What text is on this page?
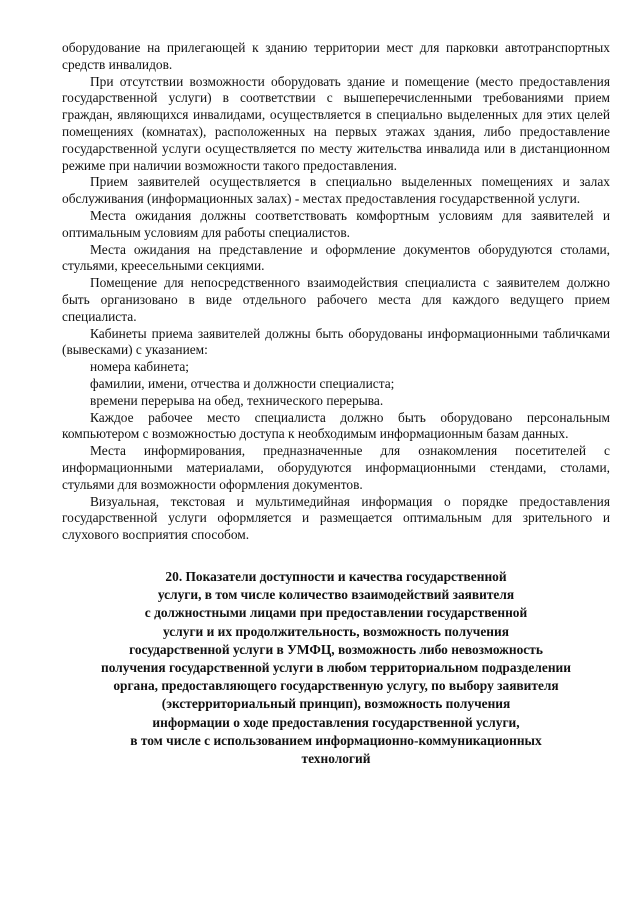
оборудование на прилегающей к зданию территории мест для парковки автотранспортных средств инвалидов.

При отсутствии возможности оборудовать здание и помещение (место предоставления государственной услуги) в соответствии с вышеперечисленными требованиями прием граждан, являющихся инвалидами, осуществляется в специально выделенных для этих целей помещениях (комнатах), расположенных на первых этажах здания, либо предоставление государственной услуги осуществляется по месту жительства инвалида или в дистанционном режиме при наличии возможности такого предоставления.

Прием заявителей осуществляется в специально выделенных помещениях и залах обслуживания (информационных залах) - местах предоставления государственной услуги.

Места ожидания должны соответствовать комфортным условиям для заявителей и оптимальным условиям для работы специалистов.

Места ожидания на представление и оформление документов оборудуются столами, стульями, креесельными секциями.

Помещение для непосредственного взаимодействия специалиста с заявителем должно быть организовано в виде отдельного рабочего места для каждого ведущего прием специалиста.

Кабинеты приема заявителей должны быть оборудованы информационными табличками (вывесками) с указанием:

номера кабинета;

фамилии, имени, отчества и должности специалиста;

времени перерыва на обед, технического перерыва.

Каждое рабочее место специалиста должно быть оборудовано персональным компьютером с возможностью доступа к необходимым информационным базам данных.

Места информирования, предназначенные для ознакомления посетителей с информационными материалами, оборудуются информационными стендами, столами, стульями для возможности оформления документов.

Визуальная, текстовая и мультимедийная информация о порядке предоставления государственной услуги оформляется и размещается оптимальным для зрительного и слухового восприятия способом.

20. Показатели доступности и качества государственной
услуги, в том числе количество взаимодействий заявителя
с должностными лицами при предоставлении государственной
услуги и их продолжительность, возможность получения
государственной услуги в УМФЦ, возможность либо невозможность
получения государственной услуги в любом территориальном подразделении
органа, предоставляющего государственную услугу, по выбору заявителя
(экстерриториальный принцип), возможность получения
информации о ходе предоставления государственной услуги,
в том числе с использованием информационно-коммуникационных
технологий
